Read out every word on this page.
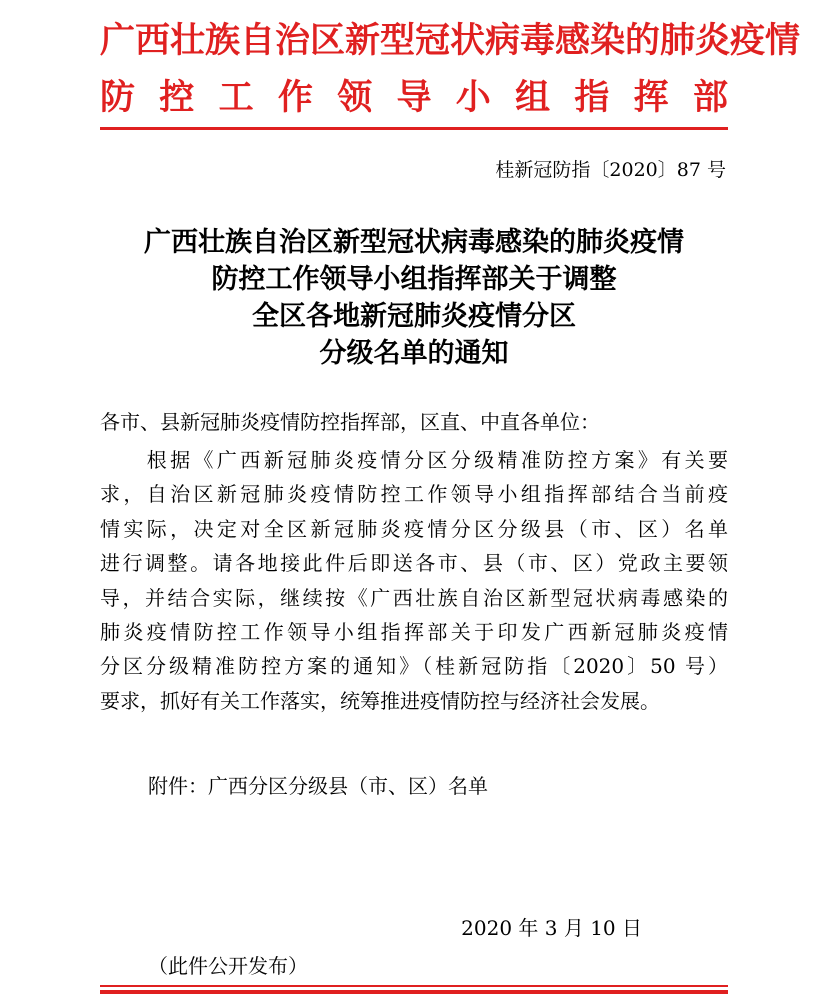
广西壮族自治区新型冠状病毒感染的肺炎疫情
防控工作领导小组指挥部
桂新冠防指〔2020〕87 号
广西壮族自治区新型冠状病毒感染的肺炎疫情
防控工作领导小组指挥部关于调整
全区各地新冠肺炎疫情分区
分级名单的通知
各市、县新冠肺炎疫情防控指挥部，区直、中直各单位：
　　根据《广西新冠肺炎疫情分区分级精准防控方案》有关要
求，自治区新冠肺炎疫情防控工作领导小组指挥部结合当前疫
情实际，决定对全区新冠肺炎疫情分区分级县（市、区）名单
进行调整。请各地接此件后即送各市、县（市、区）党政主要领
导，并结合实际，继续按《广西壮族自治区新型冠状病毒感染的
肺炎疫情防控工作领导小组指挥部关于印发广西新冠肺炎疫情
分区分级精准防控方案的通知》（桂新冠防指〔2020〕50 号）
要求，抓好有关工作落实，统筹推进疫情防控与经济社会发展。
附件：广西分区分级县（市、区）名单
2020 年 3 月 10 日
（此件公开发布）
